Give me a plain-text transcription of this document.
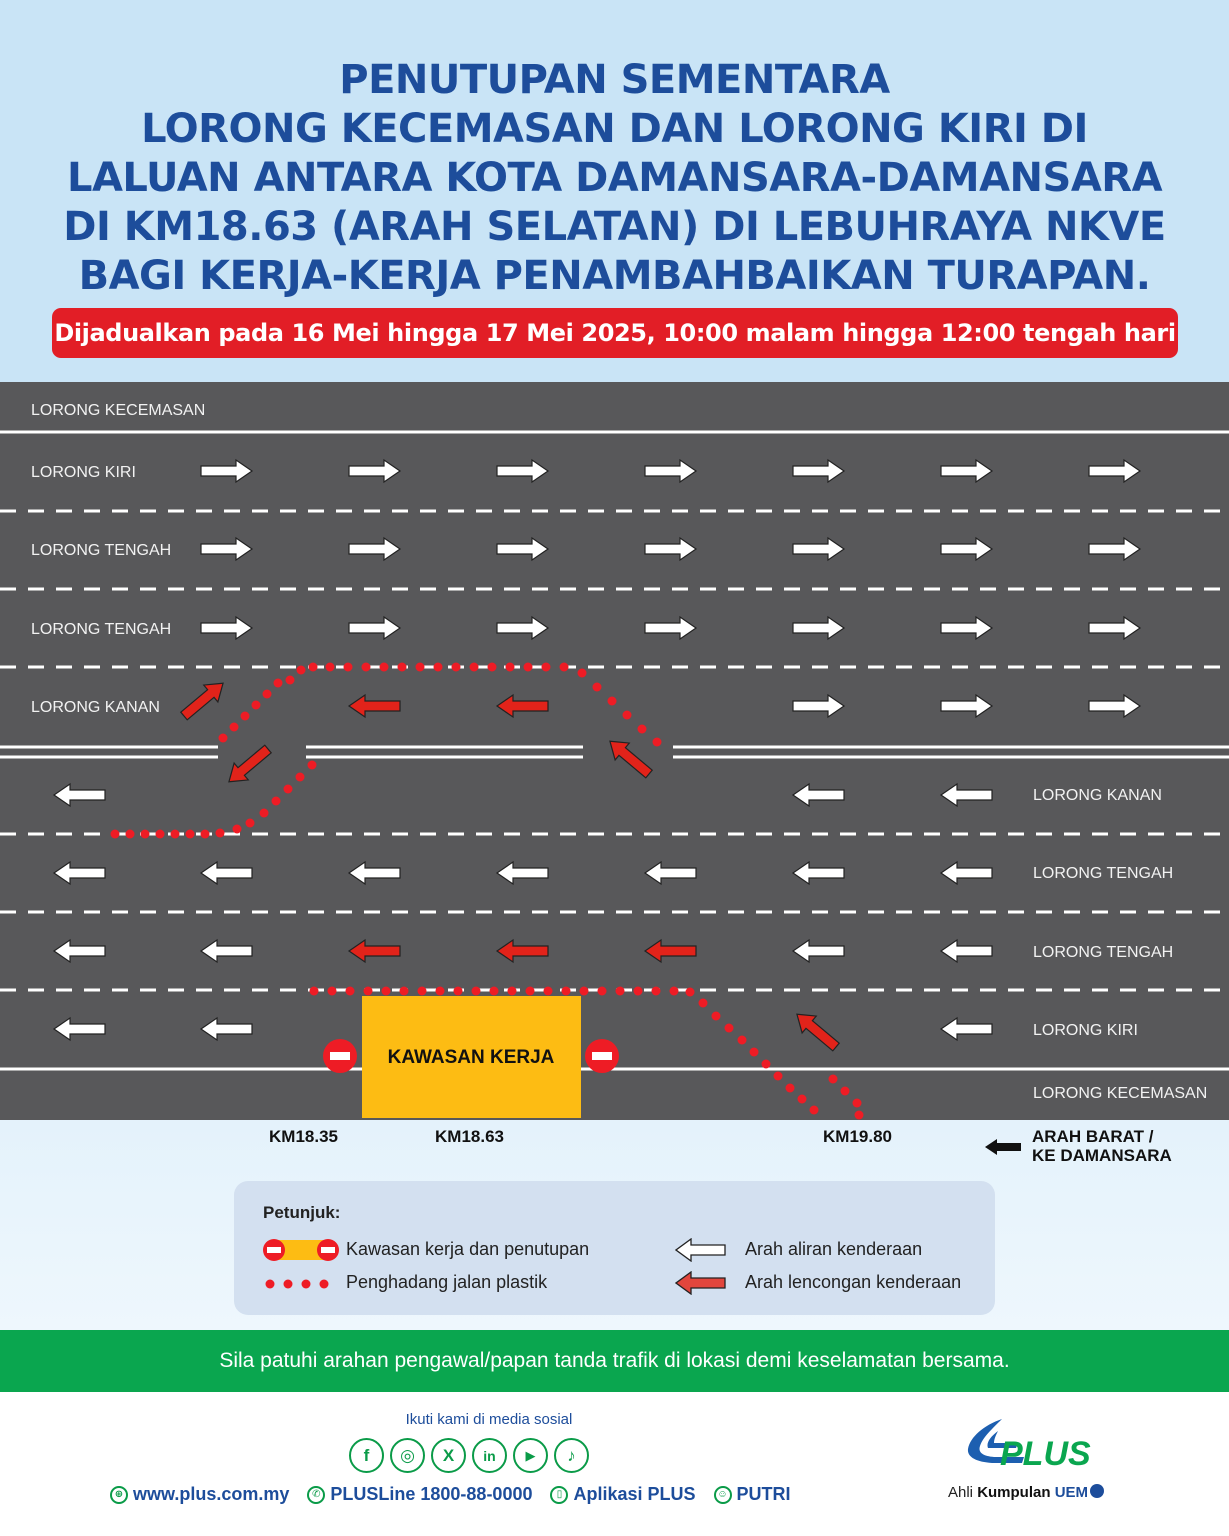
PENUTUPAN SEMENTARA
LORONG KECEMASAN DAN LORONG KIRI DI
LALUAN ANTARA KOTA DAMANSARA-DAMANSARA
DI KM18.63 (ARAH SELATAN) DI LEBUHRAYA NKVE
BAGI KERJA-KERJA PENAMBAHBAIKAN TURAPAN.
Dijadualkan pada 16 Mei hingga 17 Mei 2025, 10:00 malam hingga 12:00 tengah hari
LORONG KECEMASAN
LORONG KIRI
LORONG TENGAH
LORONG TENGAH
LORONG KANAN
LORONG KANAN
LORONG TENGAH
LORONG TENGAH
LORONG KIRI
LORONG KECEMASAN
KAWASAN KERJA
KM18.35	KM18.63	KM19.80	ARAH BARAT /
KE DAMANSARA
Petunjuk:
Kawasan kerja dan penutupan
Penghadang jalan plastik
Arah aliran kenderaan
Arah lencongan kenderaan
Sila patuhi arahan pengawal/papan tanda trafik di lokasi demi keselamatan bersama.
Ikuti kami di media sosial
f	◎	X	in	▶	♪
⊕ www.plus.com.my	✆ PLUSLine 1800-88-0000	▯ Aplikasi PLUS	☺ PUTRI
PLUS
Ahli Kumpulan UEM
